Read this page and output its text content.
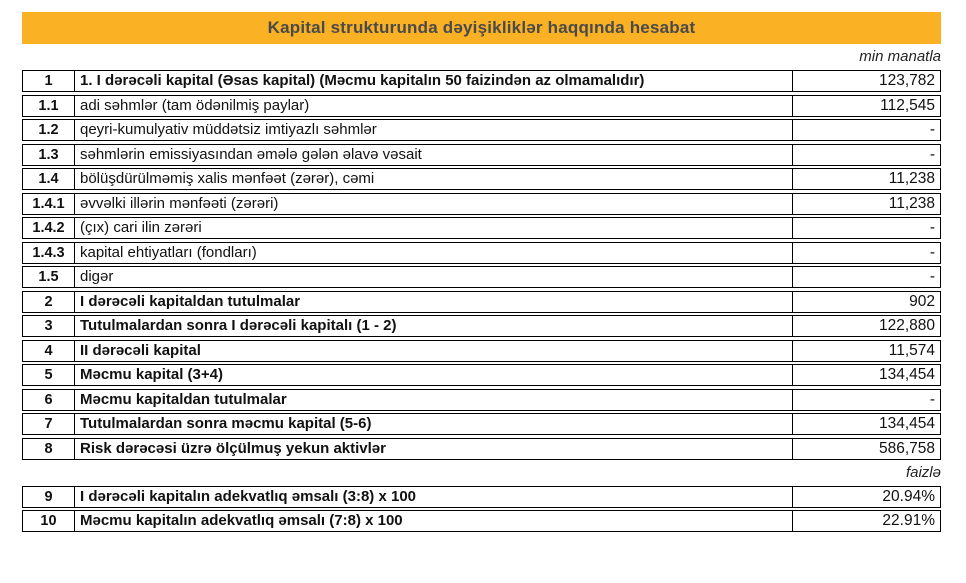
Kapital strukturunda dəyişikliklər haqqında hesabat
min manatla
1	1. I dərəcəli kapital (Əsas kapital) (Məcmu kapitalın 50 faizindən az olmamalıdır)	123,782
1.1	adi səhmlər (tam ödənilmiş paylar)	112,545
1.2	qeyri-kumulyativ müddətsiz imtiyazlı səhmlər	-
1.3	səhmlərin emissiyasından əmələ gələn əlavə vəsait	-
1.4	bölüşdürülməmiş xalis mənfəət (zərər), cəmi	11,238
1.4.1	əvvəlki illərin mənfəəti (zərəri)	11,238
1.4.2	(çıx) cari ilin zərəri	-
1.4.3	kapital ehtiyatları (fondları)	-
1.5	digər	-
2	I dərəcəli kapitaldan tutulmalar	902
3	Tutulmalardan sonra I dərəcəli kapitalı (1 - 2)	122,880
4	II dərəcəli kapital	11,574
5	Məcmu kapital (3+4)	134,454
6	Məcmu kapitaldan tutulmalar	-
7	Tutulmalardan sonra məcmu kapital (5-6)	134,454
8	Risk dərəcəsi üzrə ölçülmuş yekun aktivlər	586,758
faizlə
9	I dərəcəli kapitalın adekvatlıq əmsalı (3:8) x 100	20.94%
10	Məcmu kapitalın adekvatlıq əmsalı (7:8) x 100	22.91%
